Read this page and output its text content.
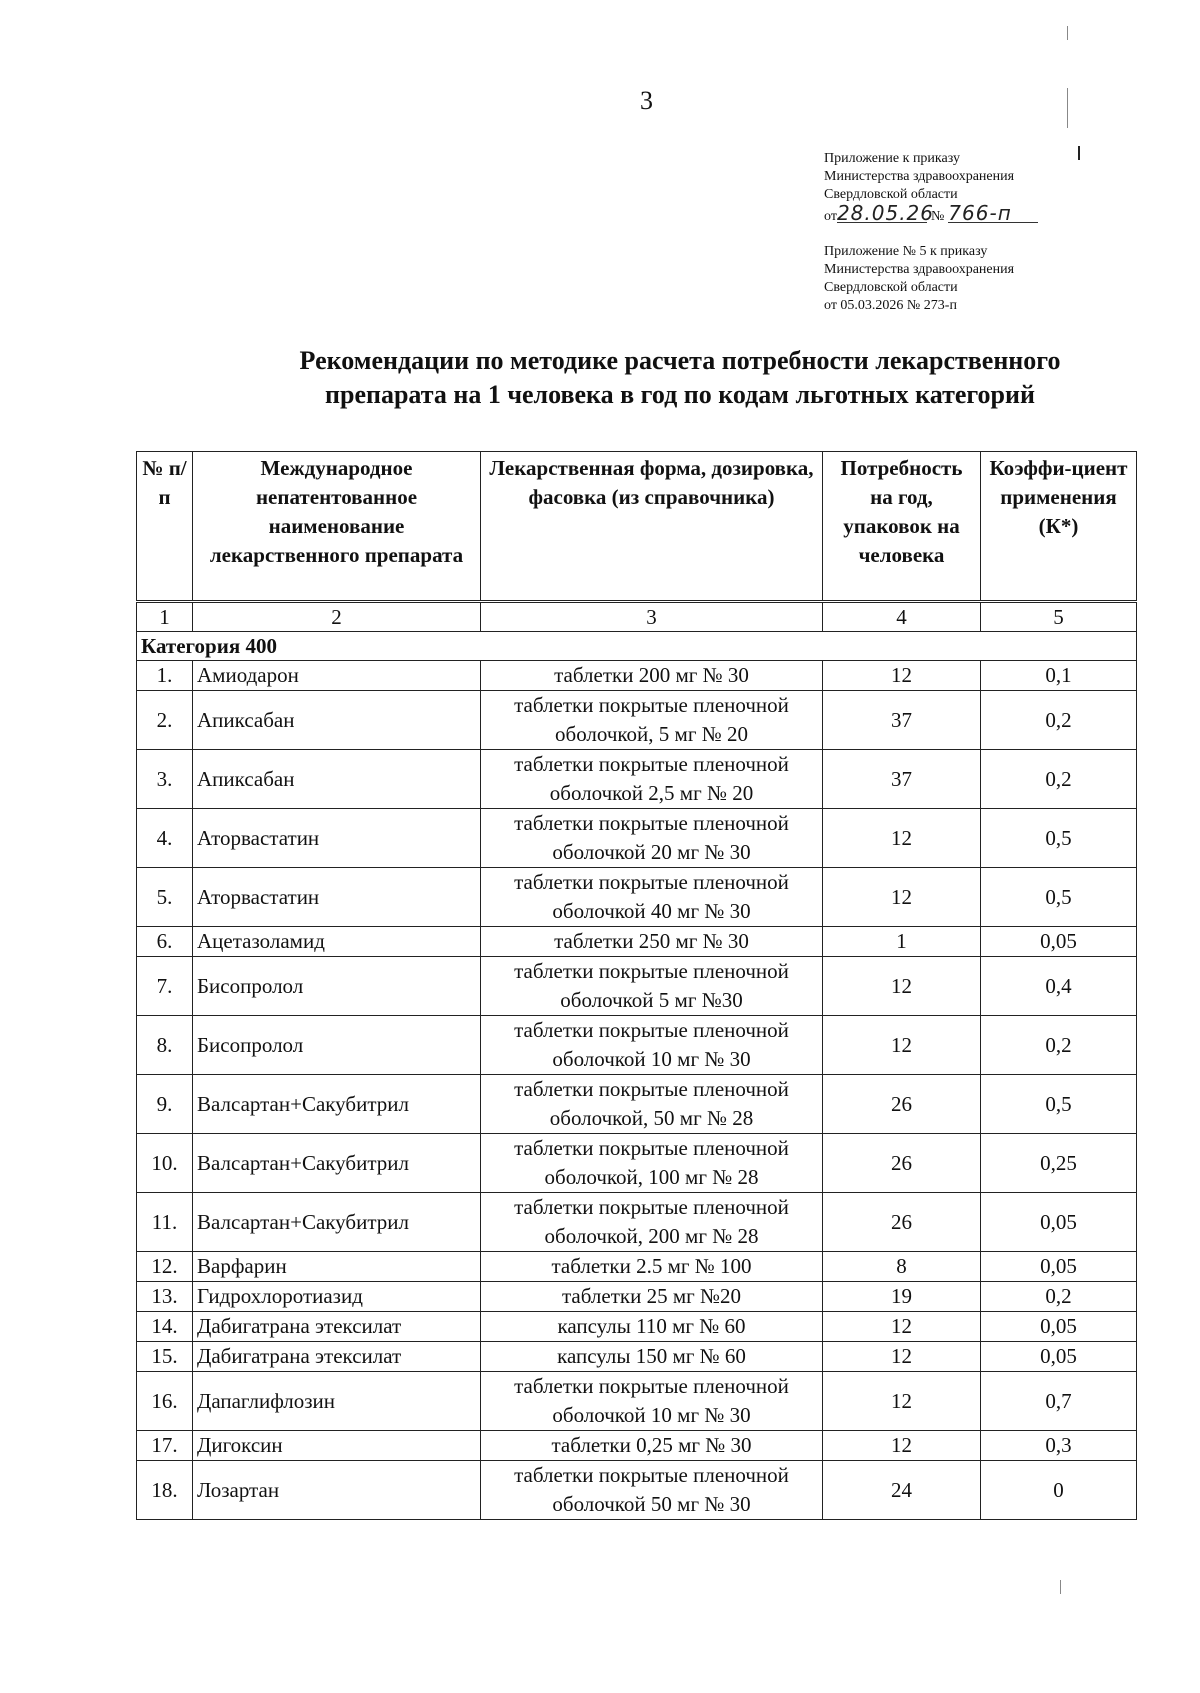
3
Приложение к приказу
Министерства здравоохранения
Свердловской области
от28.05.26№ 766-п
Приложение № 5 к приказу
Министерства здравоохранения
Свердловской области
от 05.03.2026 № 273-п
Рекомендации по методике расчета потребности лекарственного
препарата на 1 человека в год по кодам льготных категорий
№ п/п	Международное непатентованное наименование лекарственного препарата	Лекарственная форма, дозировка, фасовка (из справочника)	Потребность на год, упаковок на человека	Коэффи-циент применения (К*)
1	2	3	4	5
Категория 400				
1.	Амиодарон	таблетки 200 мг № 30	12	0,1
2.	Апиксабан	таблетки покрытые пленочной оболочкой, 5 мг № 20	37	0,2
3.	Апиксабан	таблетки покрытые пленочной оболочкой 2,5 мг № 20	37	0,2
4.	Аторвастатин	таблетки покрытые пленочной оболочкой 20 мг № 30	12	0,5
5.	Аторвастатин	таблетки покрытые пленочной оболочкой 40 мг № 30	12	0,5
6.	Ацетазоламид	таблетки 250 мг № 30	1	0,05
7.	Бисопролол	таблетки покрытые пленочной оболочкой 5 мг №30	12	0,4
8.	Бисопролол	таблетки покрытые пленочной оболочкой 10 мг № 30	12	0,2
9.	Валсартан+Сакубитрил	таблетки покрытые пленочной оболочкой, 50 мг № 28	26	0,5
10.	Валсартан+Сакубитрил	таблетки покрытые пленочной оболочкой, 100 мг № 28	26	0,25
11.	Валсартан+Сакубитрил	таблетки покрытые пленочной оболочкой, 200 мг № 28	26	0,05
12.	Варфарин	таблетки 2.5 мг № 100	8	0,05
13.	Гидрохлоротиазид	таблетки 25 мг №20	19	0,2
14.	Дабигатрана этексилат	капсулы 110 мг № 60	12	0,05
15.	Дабигатрана этексилат	капсулы 150 мг № 60	12	0,05
16.	Дапаглифлозин	таблетки покрытые пленочной оболочкой 10 мг № 30	12	0,7
17.	Дигоксин	таблетки 0,25 мг № 30	12	0,3
18.	Лозартан	таблетки покрытые пленочной оболочкой 50 мг № 30	24	0
